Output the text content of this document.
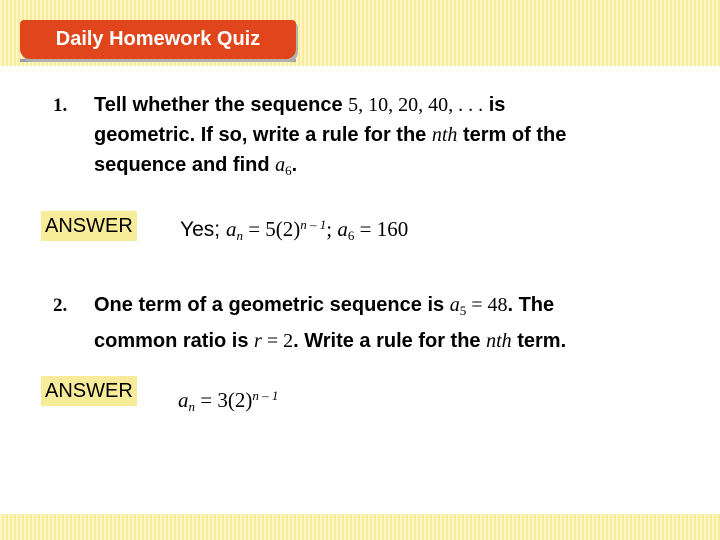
Daily Homework Quiz
1. Tell whether the sequence 5, 10, 20, 40, . . . is
geometric. If so, write a rule for the nth term of the
sequence and find $a_6$.
ANSWER Yes; $a_n = 5(2)^{n - 1}$; $a_6 = 160$
2. One term of a geometric sequence is $a_5 = 48$. The
common ratio is r = 2. Write a rule for the nth term.
ANSWER $a_n = 3(2)^{n - 1}$
